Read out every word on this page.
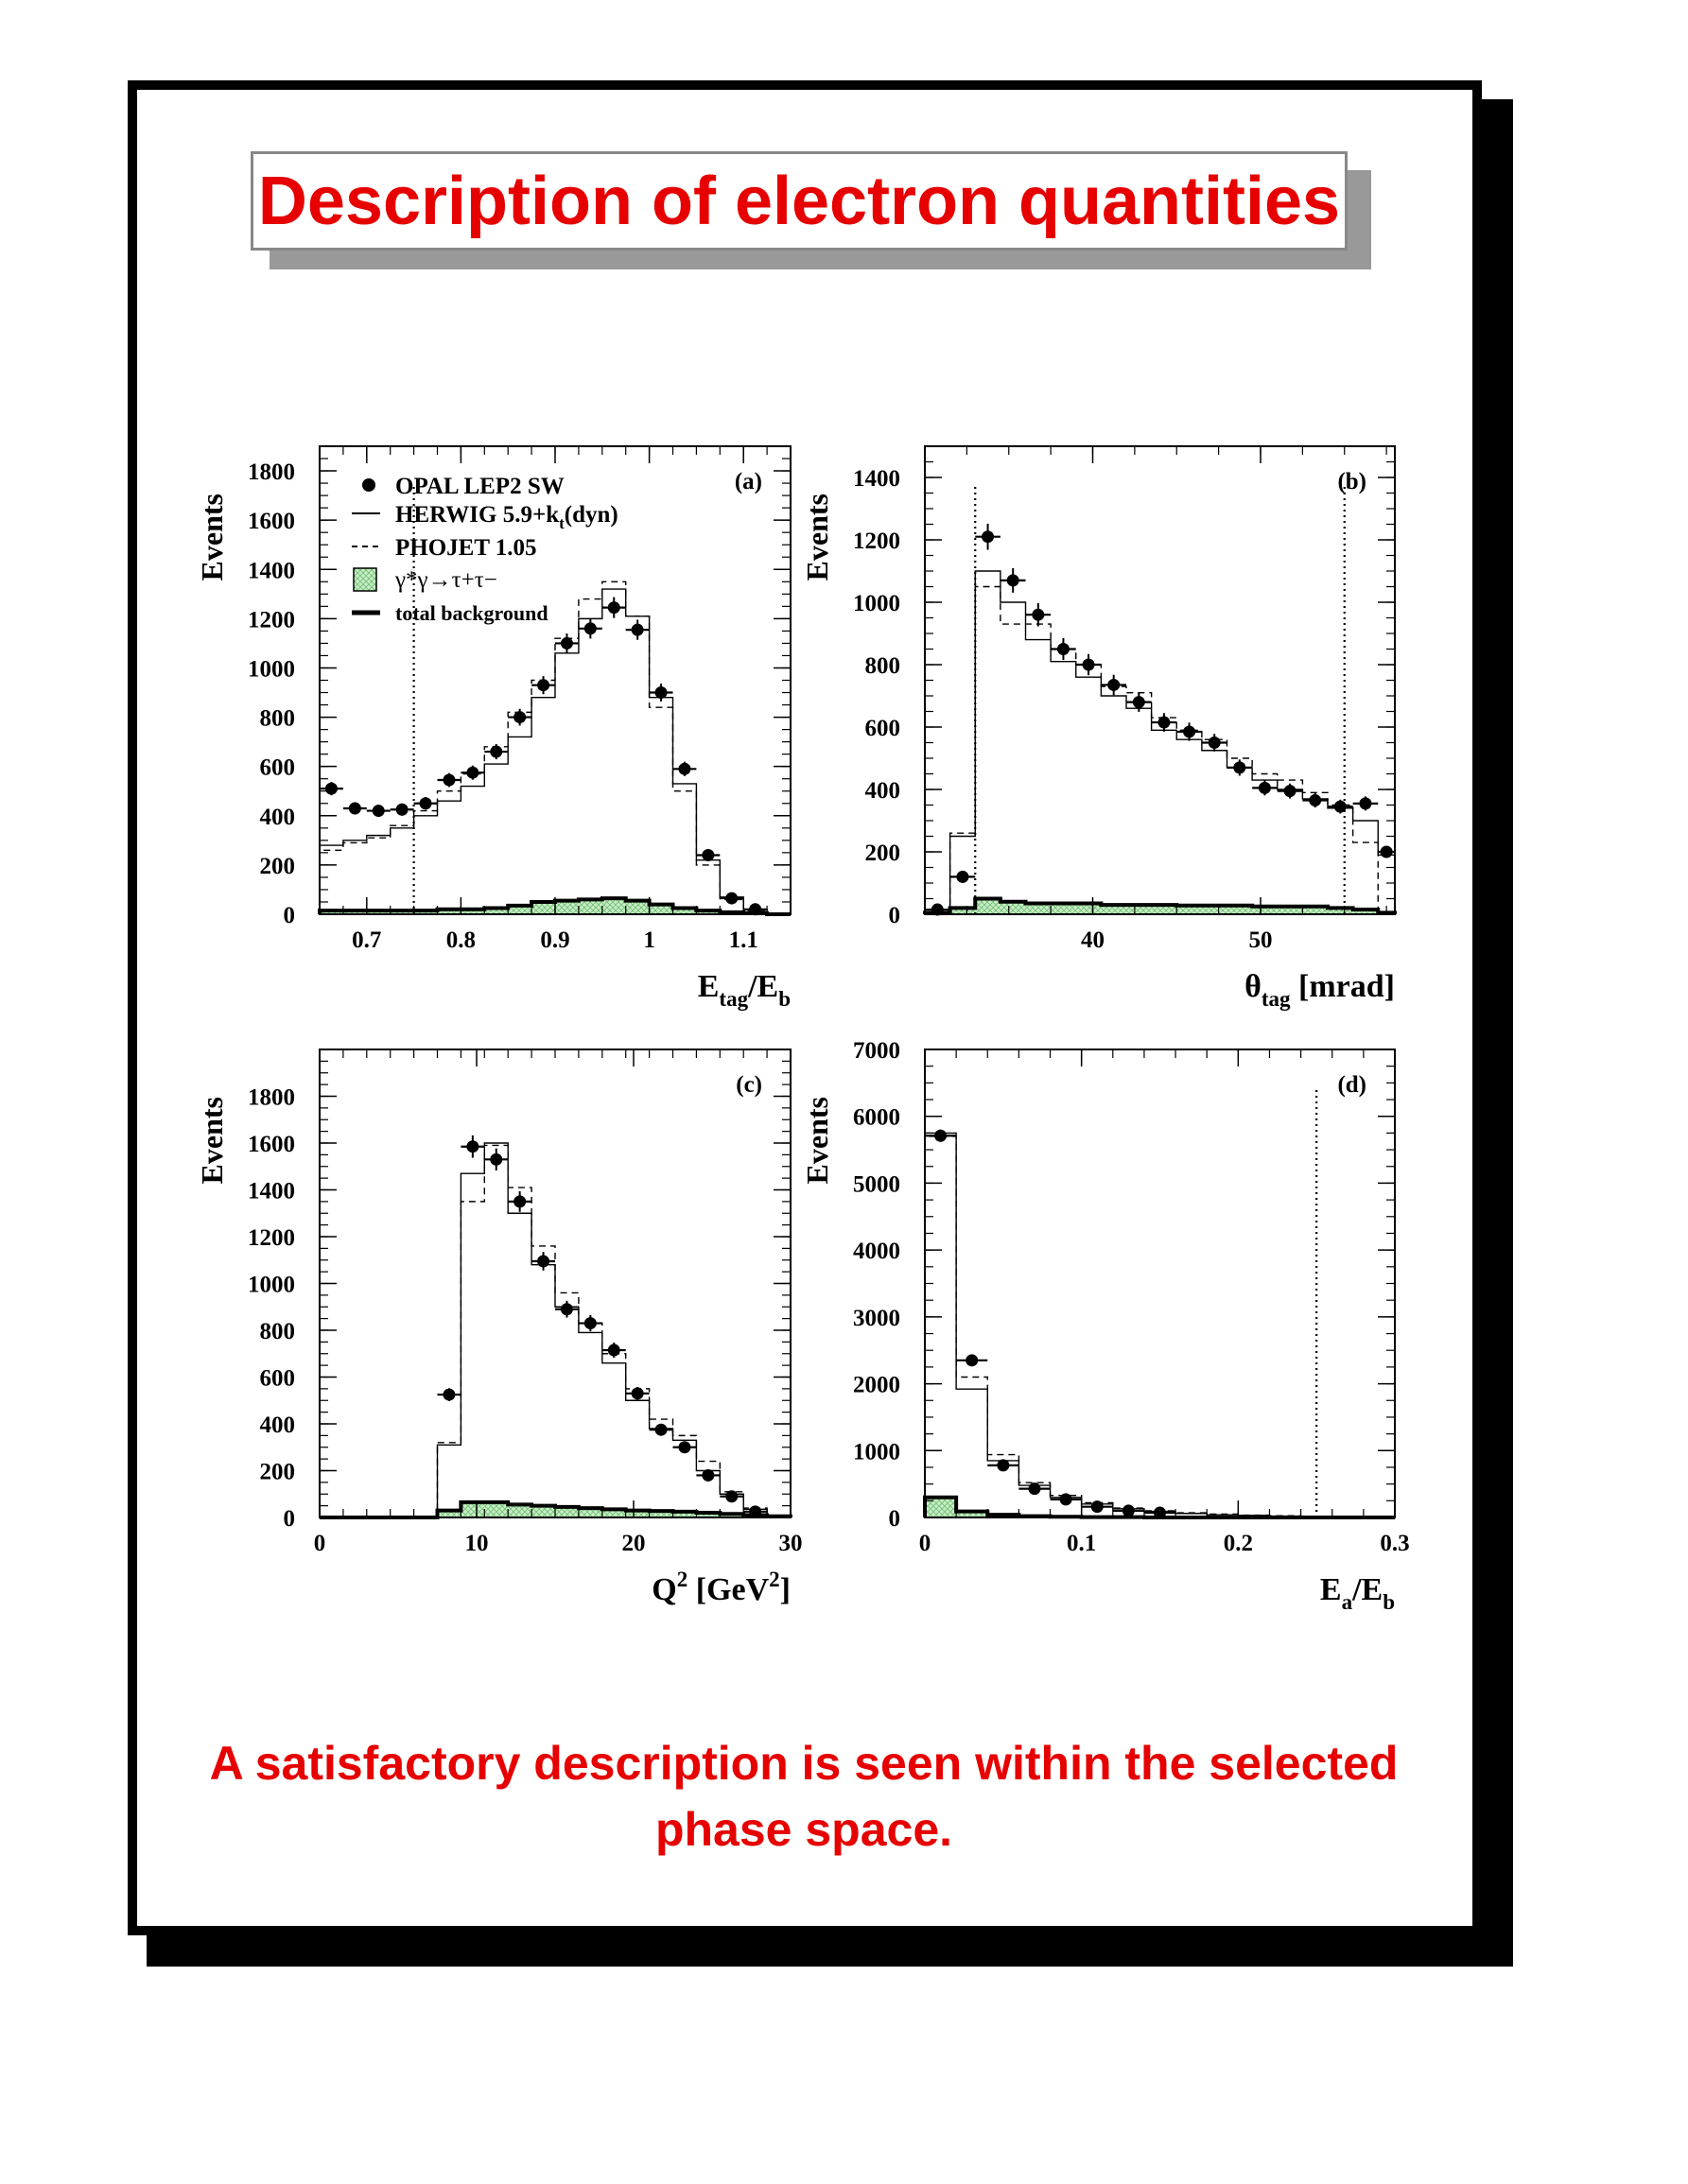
Description of electron quantities
0.7	0.8	0.9	1	1.1
0
200
400
600
800
1000
1200
1400
1600
1800
Events
(a)
$E_{tag}/E_b$
40	50
0
200
400
600
800
1000
1200
1400
Events
(b)
$\theta_{tag}$ [mrad]
0	10	20	30
0
200
400
600
800
1000
1200
1400
1600
1800
Events
(c)
$Q^2$ [GeV$^2$]
0	0.1	0.2	0.3
0
1000
2000
3000
4000
5000
6000
7000
Events
(d)
$E_a/E_b$
OPAL LEP2 SW
HERWIG $5.9+k_t(dyn)$
PHOJET 1.05
γ*γ→τ+τ−
total background
A satisfactory description is seen within the selected
phase space.
